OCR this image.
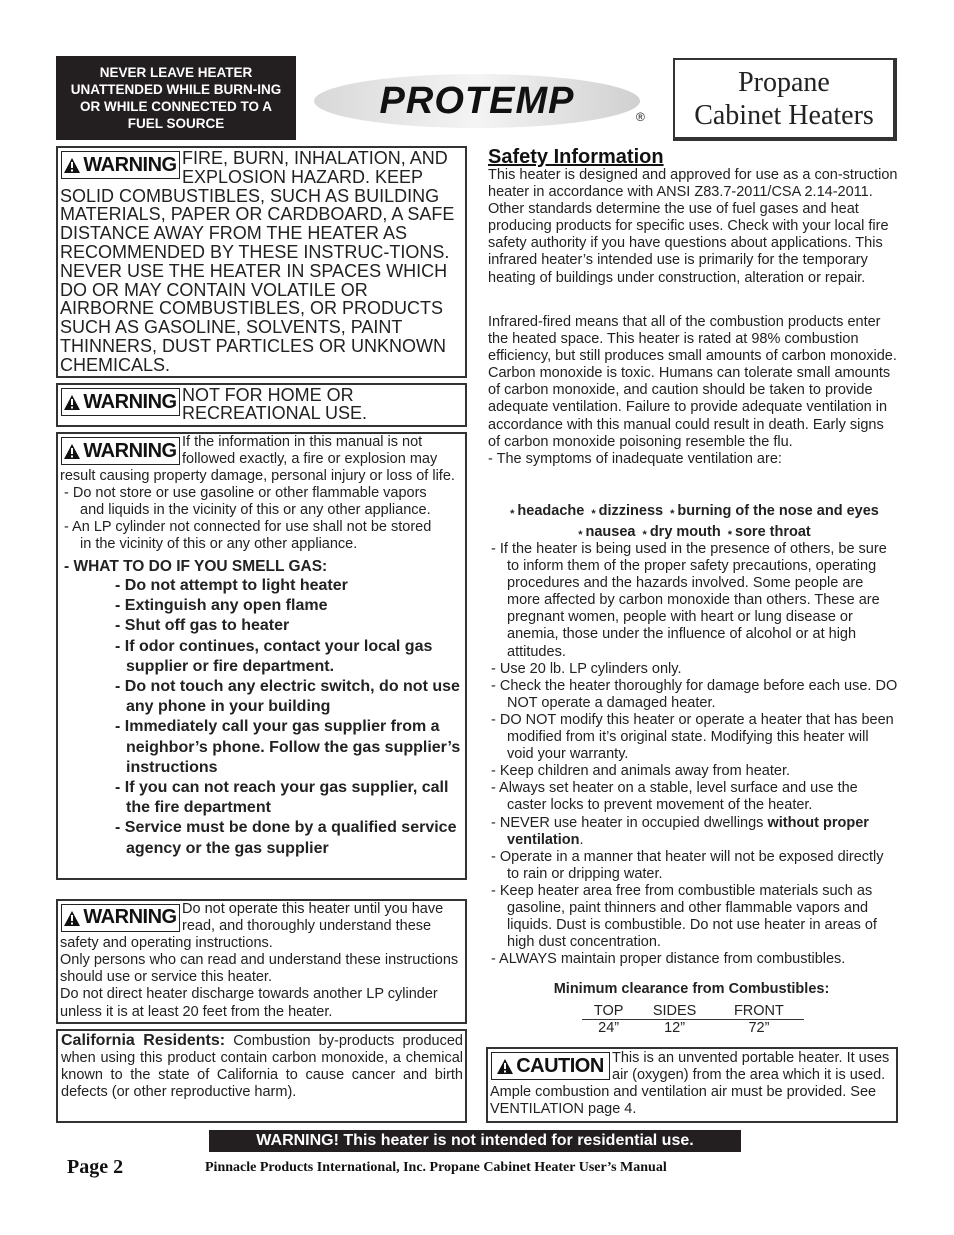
NEVER LEAVE HEATER UNATTENDED WHILE BURN-ING OR WHILE CONNECTED TO A FUEL SOURCE
PROTEMP	®
Propane
Cabinet Heaters
WARNING FIRE, BURN, INHALATION, AND EXPLOSION HAZARD. KEEP SOLID COMBUSTIBLES, SUCH AS BUILDING MATERIALS, PAPER OR CARDBOARD, A SAFE DISTANCE AWAY FROM THE HEATER AS RECOMMENDED BY THESE INSTRUC-TIONS. NEVER USE THE HEATER IN SPACES WHICH DO OR MAY CONTAIN VOLATILE OR AIRBORNE COMBUSTIBLES, OR PRODUCTS SUCH AS GASOLINE, SOLVENTS, PAINT THINNERS, DUST PARTICLES OR UNKNOWN CHEMICALS.
WARNING NOT FOR HOME OR RECREATIONAL USE.
WARNING If the information in this manual is not followed exactly, a fire or explosion may result causing property damage, personal injury or loss of life.
- Do not store or use gasoline or other flammable vapors
and liquids in the vicinity of this or any other appliance.
- An LP cylinder not connected for use shall not be stored
in the vicinity of this or any other appliance.
- WHAT TO DO IF YOU SMELL GAS:
- Do not attempt to light heater
- Extinguish any open flame
- Shut off gas to heater
- If odor continues, contact your local gas supplier or fire department.
- Do not touch any electric switch, do not use any phone in your building
- Immediately call your gas supplier from a neighbor’s phone. Follow the gas supplier’s instructions
- If you can not reach your gas supplier, call the fire department
- Service must be done by a qualified service agency or the gas supplier
WARNING Do not operate this heater until you have read, and thoroughly understand these safety and operating instructions.
Only persons who can read and understand these instructions should use or service this heater.
Do not direct heater discharge towards another LP cylinder unless it is at least 20 feet from the heater.
California Residents: Combustion by-products produced when using this product contain carbon monoxide, a chemical known to the state of California to cause cancer and birth defects (or other reproductive harm).
Safety Information
This heater is designed and approved for use as a con-struction heater in accordance with ANSI Z83.7-2011/CSA 2.14-2011. Other standards determine the use of fuel gases and heat producing products for specific uses. Check with your local fire safety authority if you have questions about applications. This infrared heater’s intended use is primarily for the temporary heating of buildings under construction, alteration or repair.
Infrared-fired means that all of the combustion products enter the heated space. This heater is rated at 98% combustion efficiency, but still produces small amounts of carbon monoxide. Carbon monoxide is toxic. Humans can tolerate small amounts of carbon monoxide, and caution should be taken to provide adequate ventilation. Failure to provide adequate ventilation in accordance with this manual could result in death. Early signs of carbon monoxide poisoning resemble the flu.
- The symptoms of inadequate ventilation are:
* headache * dizziness * burning of the nose and eyes
* nausea * dry mouth * sore throat
- If the heater is being used in the presence of others, be sure to inform them of the proper safety precautions, operating procedures and the hazards involved. Some people are more affected by carbon monoxide than others. These are pregnant women, people with heart or lung disease or anemia, those under the influence of alcohol or at high attitudes.
- Use 20 lb. LP cylinders only.
- Check the heater thoroughly for damage before each use. DO NOT operate a damaged heater.
- DO NOT modify this heater or operate a heater that has been modified from it’s original state. Modifying this heater will void your warranty.
- Keep children and animals away from heater.
- Always set heater on a stable, level surface and use the caster locks to prevent movement of the heater.
- NEVER use heater in occupied dwellings without proper ventilation.
- Operate in a manner that heater will not be exposed directly to rain or dripping water.
- Keep heater area free from combustible materials such as gasoline, paint thinners and other flammable vapors and liquids. Dust is combustible. Do not use heater in areas of high dust concentration.
- ALWAYS maintain proper distance from combustibles.
Minimum clearance from Combustibles:
TOP	SIDES	FRONT
24”	12”	72”
CAUTION This is an unvented portable heater. It uses air (oxygen) from the area which it is used. Ample combustion and ventilation air must be provided. See VENTILATION page 4.
WARNING! This heater is not intended for residential use.
Page 2	Pinnacle Products International, Inc. Propane Cabinet Heater User’s Manual
